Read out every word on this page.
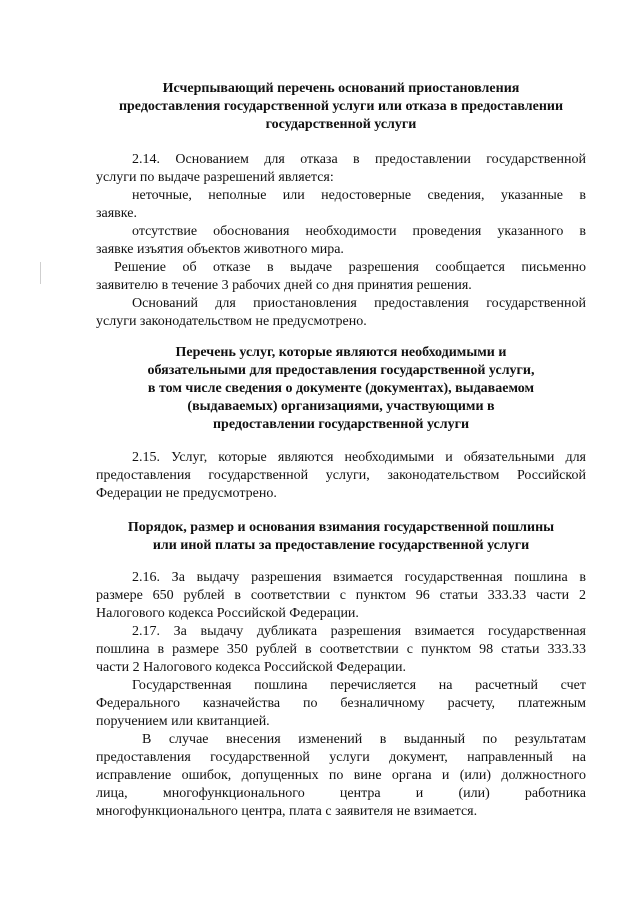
Исчерпывающий перечень оснований приостановления
предоставления государственной услуги или отказа в предоставлении
государственной услуги
2.14. Основанием для отказа в предоставлении государственной
услуги по выдаче разрешений является:
неточные, неполные или недостоверные сведения, указанные в
заявке.
отсутствие обоснования необходимости проведения указанного в
заявке изъятия объектов животного мира.
Решение об отказе в выдаче разрешения сообщается письменно
заявителю в течение 3 рабочих дней со дня принятия решения.
Оснований для приостановления предоставления государственной
услуги законодательством не предусмотрено.
Перечень услуг, которые являются необходимыми и
обязательными для предоставления государственной услуги,
в том числе сведения о документе (документах), выдаваемом
(выдаваемых) организациями, участвующими в
предоставлении государственной услуги
2.15. Услуг, которые являются необходимыми и обязательными для
предоставления государственной услуги, законодательством Российской
Федерации не предусмотрено.
Порядок, размер и основания взимания государственной пошлины
или иной платы за предоставление государственной услуги
2.16. За выдачу разрешения взимается государственная пошлина в
размере 650 рублей в соответствии с пунктом 96 статьи 333.33 части 2
Налогового кодекса Российской Федерации.
2.17. За выдачу дубликата разрешения взимается государственная
пошлина в размере 350 рублей в соответствии с пунктом 98 статьи 333.33
части 2 Налогового кодекса Российской Федерации.
Государственная пошлина перечисляется на расчетный счет
Федерального казначейства по безналичному расчету, платежным
поручением или квитанцией.
В случае внесения изменений в выданный по результатам
предоставления государственной услуги документ, направленный на
исправление ошибок, допущенных по вине органа и (или) должностного
лица, многофункционального центра и (или) работника
многофункционального центра, плата с заявителя не взимается.
